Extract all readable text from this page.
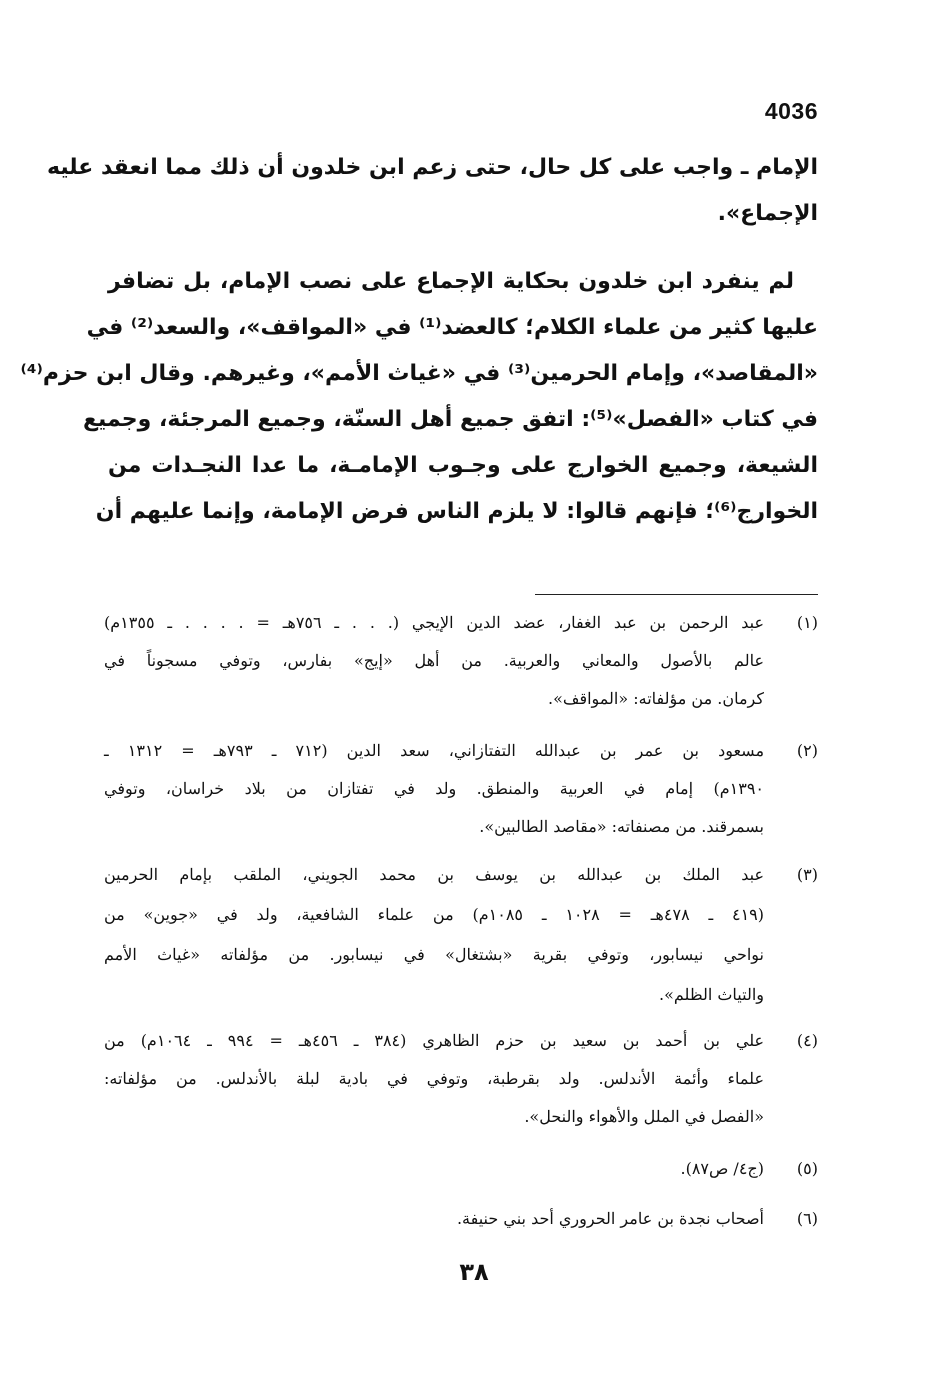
4036
الإمام ـ واجب على كل حال، حتى زعم ابن خلدون أن ذلك مما انعقد عليه
الإجماع».
لم ينفرد ابن خلدون بحكاية الإجماع على نصب الإمام، بل تضافر
عليها كثير من علماء الكلام؛ كالعضد⁽¹⁾ في «المواقف»، والسعد⁽²⁾ في
«المقاصد»، وإمام الحرمين⁽³⁾ في «غياث الأمم»، وغيرهم. وقال ابن حزم⁽⁴⁾
في كتاب «الفصل»⁽⁵⁾: اتفق جميع أهل السنّة، وجميع المرجئة، وجميع
الشيعة، وجميع الخوارج على وجـوب الإمامـة، ما عدا النجـدات من
الخوارج⁽⁶⁾؛ فإنهم قالوا: لا يلزم الناس فرض الإمامة، وإنما عليهم أن
(١)
عبد الرحمن بن عبد الغفار، عضد الدين الإيجي (. . . ـ ٧٥٦هـ = . . . . ـ ١٣٥٥م)
عالم بالأصول والمعاني والعربية. من أهل «إيج» بفارس، وتوفي مسجوناً في
كرمان. من مؤلفاته: «المواقف».
(٢)
مسعود بن عمر بن عبدالله التفتازاني، سعد الدين (٧١٢ ـ ٧٩٣هـ = ١٣١٢ ـ
١٣٩٠م) إمام في العربية والمنطق. ولد في تفتازان من بلاد خراسان، وتوفي
بسمرقند. من مصنفاته: «مقاصد الطالبين».
(٣)
عبد الملك بن عبدالله بن يوسف بن محمد الجويني، الملقب بإمام الحرمين
(٤١٩ ـ ٤٧٨هـ = ١٠٢٨ ـ ١٠٨٥م) من علماء الشافعية، ولد في «جوين» من
نواحي نيسابور، وتوفي بقرية «بشتغال» في نيسابور. من مؤلفاته «غياث الأمم
والتياث الظلم».
(٤)
علي بن أحمد بن سعيد بن حزم الظاهري (٣٨٤ ـ ٤٥٦هـ = ٩٩٤ ـ ١٠٦٤م) من
علماء وأئمة الأندلس. ولد بقرطبة، وتوفي في بادية لبلة بالأندلس. من مؤلفاته:
«الفصل في الملل والأهواء والنحل».
(٥)
(ج٤/ ص٨٧).
(٦)
أصحاب نجدة بن عامر الحروري أحد بني حنيفة.
٣٨
